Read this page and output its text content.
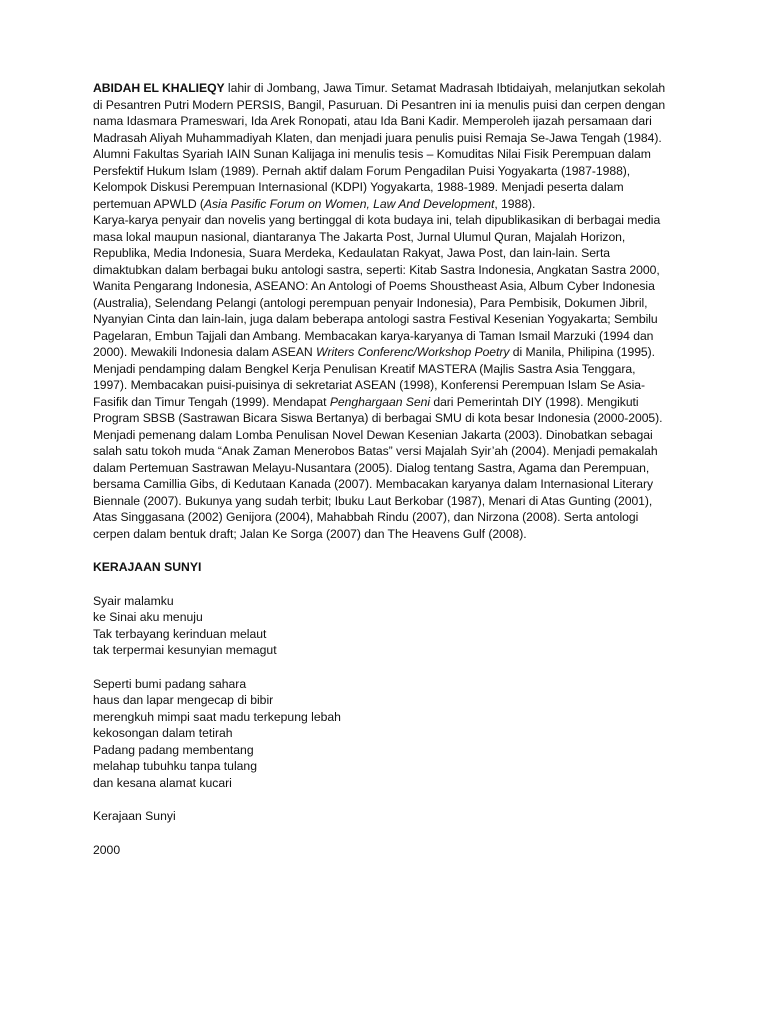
ABIDAH EL KHALIEQY lahir di Jombang, Jawa Timur. Setamat Madrasah Ibtidaiyah, melanjutkan sekolah di Pesantren Putri Modern PERSIS, Bangil, Pasuruan. Di Pesantren ini ia menulis puisi dan cerpen dengan nama Idasmara Prameswari, Ida Arek Ronopati, atau Ida Bani Kadir. Memperoleh ijazah persamaan dari Madrasah Aliyah Muhammadiyah Klaten, dan menjadi juara penulis puisi Remaja Se-Jawa Tengah (1984). Alumni Fakultas Syariah IAIN Sunan Kalijaga ini menulis tesis – Komuditas Nilai Fisik Perempuan dalam Persfektif Hukum Islam (1989). Pernah aktif dalam Forum Pengadilan Puisi Yogyakarta (1987-1988), Kelompok Diskusi Perempuan Internasional (KDPI) Yogyakarta, 1988-1989. Menjadi peserta dalam pertemuan APWLD (Asia Pasific Forum on Women, Law And Development, 1988).

Karya-karya penyair dan novelis yang bertinggal di kota budaya ini, telah dipublikasikan di berbagai media masa lokal maupun nasional, diantaranya The Jakarta Post, Jurnal Ulumul Quran, Majalah Horizon, Republika, Media Indonesia, Suara Merdeka, Kedaulatan Rakyat, Jawa Post, dan lain-lain. Serta dimaktubkan dalam berbagai buku antologi sastra, seperti: Kitab Sastra Indonesia, Angkatan Sastra 2000, Wanita Pengarang Indonesia, ASEANO: An Antologi of Poems Shoustheast Asia, Album Cyber Indonesia (Australia), Selendang Pelangi (antologi perempuan penyair Indonesia), Para Pembisik, Dokumen Jibril, Nyanyian Cinta dan lain-lain, juga dalam beberapa antologi sastra Festival Kesenian Yogyakarta; Sembilu Pagelaran, Embun Tajjali dan Ambang. Membacakan karya-karyanya di Taman Ismail Marzuki (1994 dan 2000). Mewakili Indonesia dalam ASEAN Writers Conferenc/Workshop Poetry di Manila, Philipina (1995). Menjadi pendamping dalam Bengkel Kerja Penulisan Kreatif MASTERA (Majlis Sastra Asia Tenggara, 1997). Membacakan puisi-puisinya di sekretariat ASEAN (1998), Konferensi Perempuan Islam Se Asia-Fasifik dan Timur Tengah (1999). Mendapat Penghargaan Seni dari Pemerintah DIY (1998). Mengikuti Program SBSB (Sastrawan Bicara Siswa Bertanya) di berbagai SMU di kota besar Indonesia (2000-2005). Menjadi pemenang dalam Lomba Penulisan Novel Dewan Kesenian Jakarta (2003). Dinobatkan sebagai salah satu tokoh muda “Anak Zaman Menerobos Batas” versi Majalah Syir’ah (2004). Menjadi pemakalah dalam Pertemuan Sastrawan Melayu-Nusantara (2005). Dialog tentang Sastra, Agama dan Perempuan, bersama Camillia Gibs, di Kedutaan Kanada (2007). Membacakan karyanya dalam Internasional Literary Biennale (2007). Bukunya yang sudah terbit; Ibuku Laut Berkobar (1987), Menari di Atas Gunting (2001), Atas Singgasana (2002) Genijora (2004), Mahabbah Rindu (2007), dan Nirzona (2008). Serta antologi cerpen dalam bentuk draft; Jalan Ke Sorga (2007) dan The Heavens Gulf (2008).

KERAJAAN SUNYI

Syair malamku
ke Sinai aku menuju
Tak terbayang kerinduan melaut
tak terpermai kesunyian memagut

Seperti bumi padang sahara
haus dan lapar mengecap di bibir
merengkuh mimpi saat madu terkepung lebah
kekosongan dalam tetirah
Padang padang membentang
melahap tubuhku tanpa tulang
dan kesana alamat kucari

Kerajaan Sunyi

2000
